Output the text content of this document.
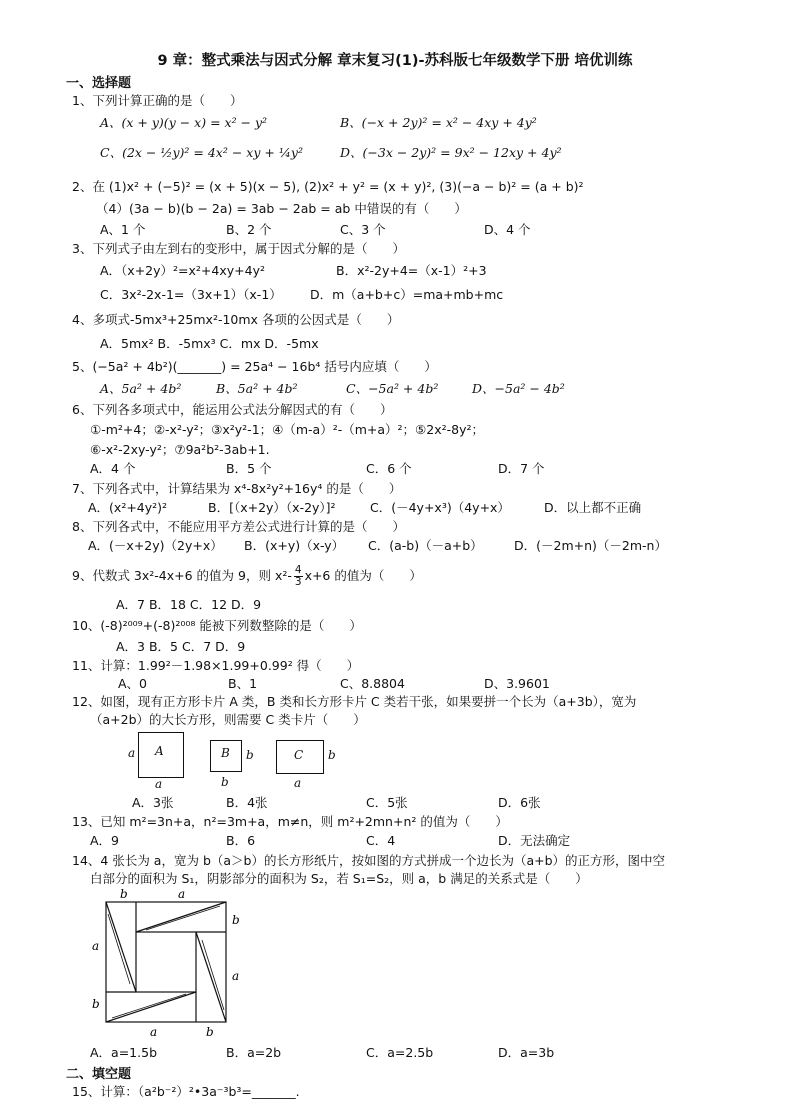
9 章：整式乘法与因式分解 章末复习(1)-苏科版七年级数学下册 培优训练
一、选择题
1、下列计算正确的是（　　）
A、(x + y)(y − x) = x² − y²	B、(−x + 2y)² = x² − 4xy + 4y²
C、(2x − ½y)² = 4x² − xy + ¼y²	D、(−3x − 2y)² = 9x² − 12xy + 4y²
2、在 (1)x² + (−5)² = (x + 5)(x − 5), (2)x² + y² = (x + y)², (3)(−a − b)² = (a + b)²
（4）(3a − b)(b − 2a) = 3ab − 2ab = ab 中错误的有（　　）
A、1 个	B、2 个	C、3 个	D、4 个
3、下列式子由左到右的变形中，属于因式分解的是（　　）
A．（x+2y）²=x²+4xy+4y²	B．x²-2y+4=（x-1）²+3
C．3x²-2x-1=（3x+1）（x-1） D．m（a+b+c）=ma+mb+mc
4、多项式-5mx³+25mx²-10mx 各项的公因式是（　　）
A．5mx² B．-5mx³ C．mx D．-5mx
5、(−5a² + 4b²)(_______) = 25a⁴ − 16b⁴ 括号内应填（　　）
A、5a² + 4b²	B、5a² + 4b²	C、−5a² + 4b²	D、−5a² − 4b²
6、下列各多项式中，能运用公式法分解因式的有（　　）
①-m²+4；②-x²-y²；③x²y²-1；④（m-a）²-（m+a）²；⑤2x²-8y²；
⑥-x²-2xy-y²；⑦9a²b²-3ab+1.
A．4 个	B．5 个	C．6 个	D．7 个
7、下列各式中，计算结果为 x⁴-8x²y²+16y⁴ 的是（　　）
A．(x²+4y²)²	B．[（x+2y）（x-2y）]²	C．(－4y+x³)（4y+x）	D．以上都不正确
8、下列各式中，不能应用平方差公式进行计算的是（　　）
A．(－x+2y)（2y+x） B．(x+y)（x-y） C．(a-b)（－a+b）	D．(－2m+n)（－2m-n）
9、代数式 3x²-4x+6 的值为 9，则 $x^2- \frac{4}{3} x+6$ 的值为（　　）
A．7 B．18 C．12 D．9
10、(-8)²⁰⁰⁹+(-8)²⁰⁰⁸ 能被下列数整除的是（　　）
A．3 B．5 C．7 D．9
11、计算：1.99²－1.98×1.99+0.99² 得（　　）
A、0	B、1	C、8.8804	D、3.9601
12、如图，现有正方形卡片 A 类，B 类和长方形卡片 C 类若干张，如果要拼一个长为（a+3b），宽为
（a+2b）的大长方形，则需要 C 类卡片（　　）
A
a
a
B b
b
C b
a
A．3张	B．4张	C．5张	D．6张
13、已知 m²=3n+a，n²=3m+a，m≠n，则 m²+2mn+n² 的值为（　　）
A．9	B．6	C．4	D．无法确定
14、4 张长为 a，宽为 b（a＞b）的长方形纸片，按如图的方式拼成一个边长为（a+b）的正方形，图中空
白部分的面积为 S₁，阴影部分的面积为 S₂，若 S₁=S₂，则 a，b 满足的关系式是（　　）
b	a
b
a
a
b
a	b
A．a=1.5b	B．a=2b	C．a=2.5b	D．a=3b
二、填空题
15、计算：（a²b⁻²）²•3a⁻³b³=_______.
